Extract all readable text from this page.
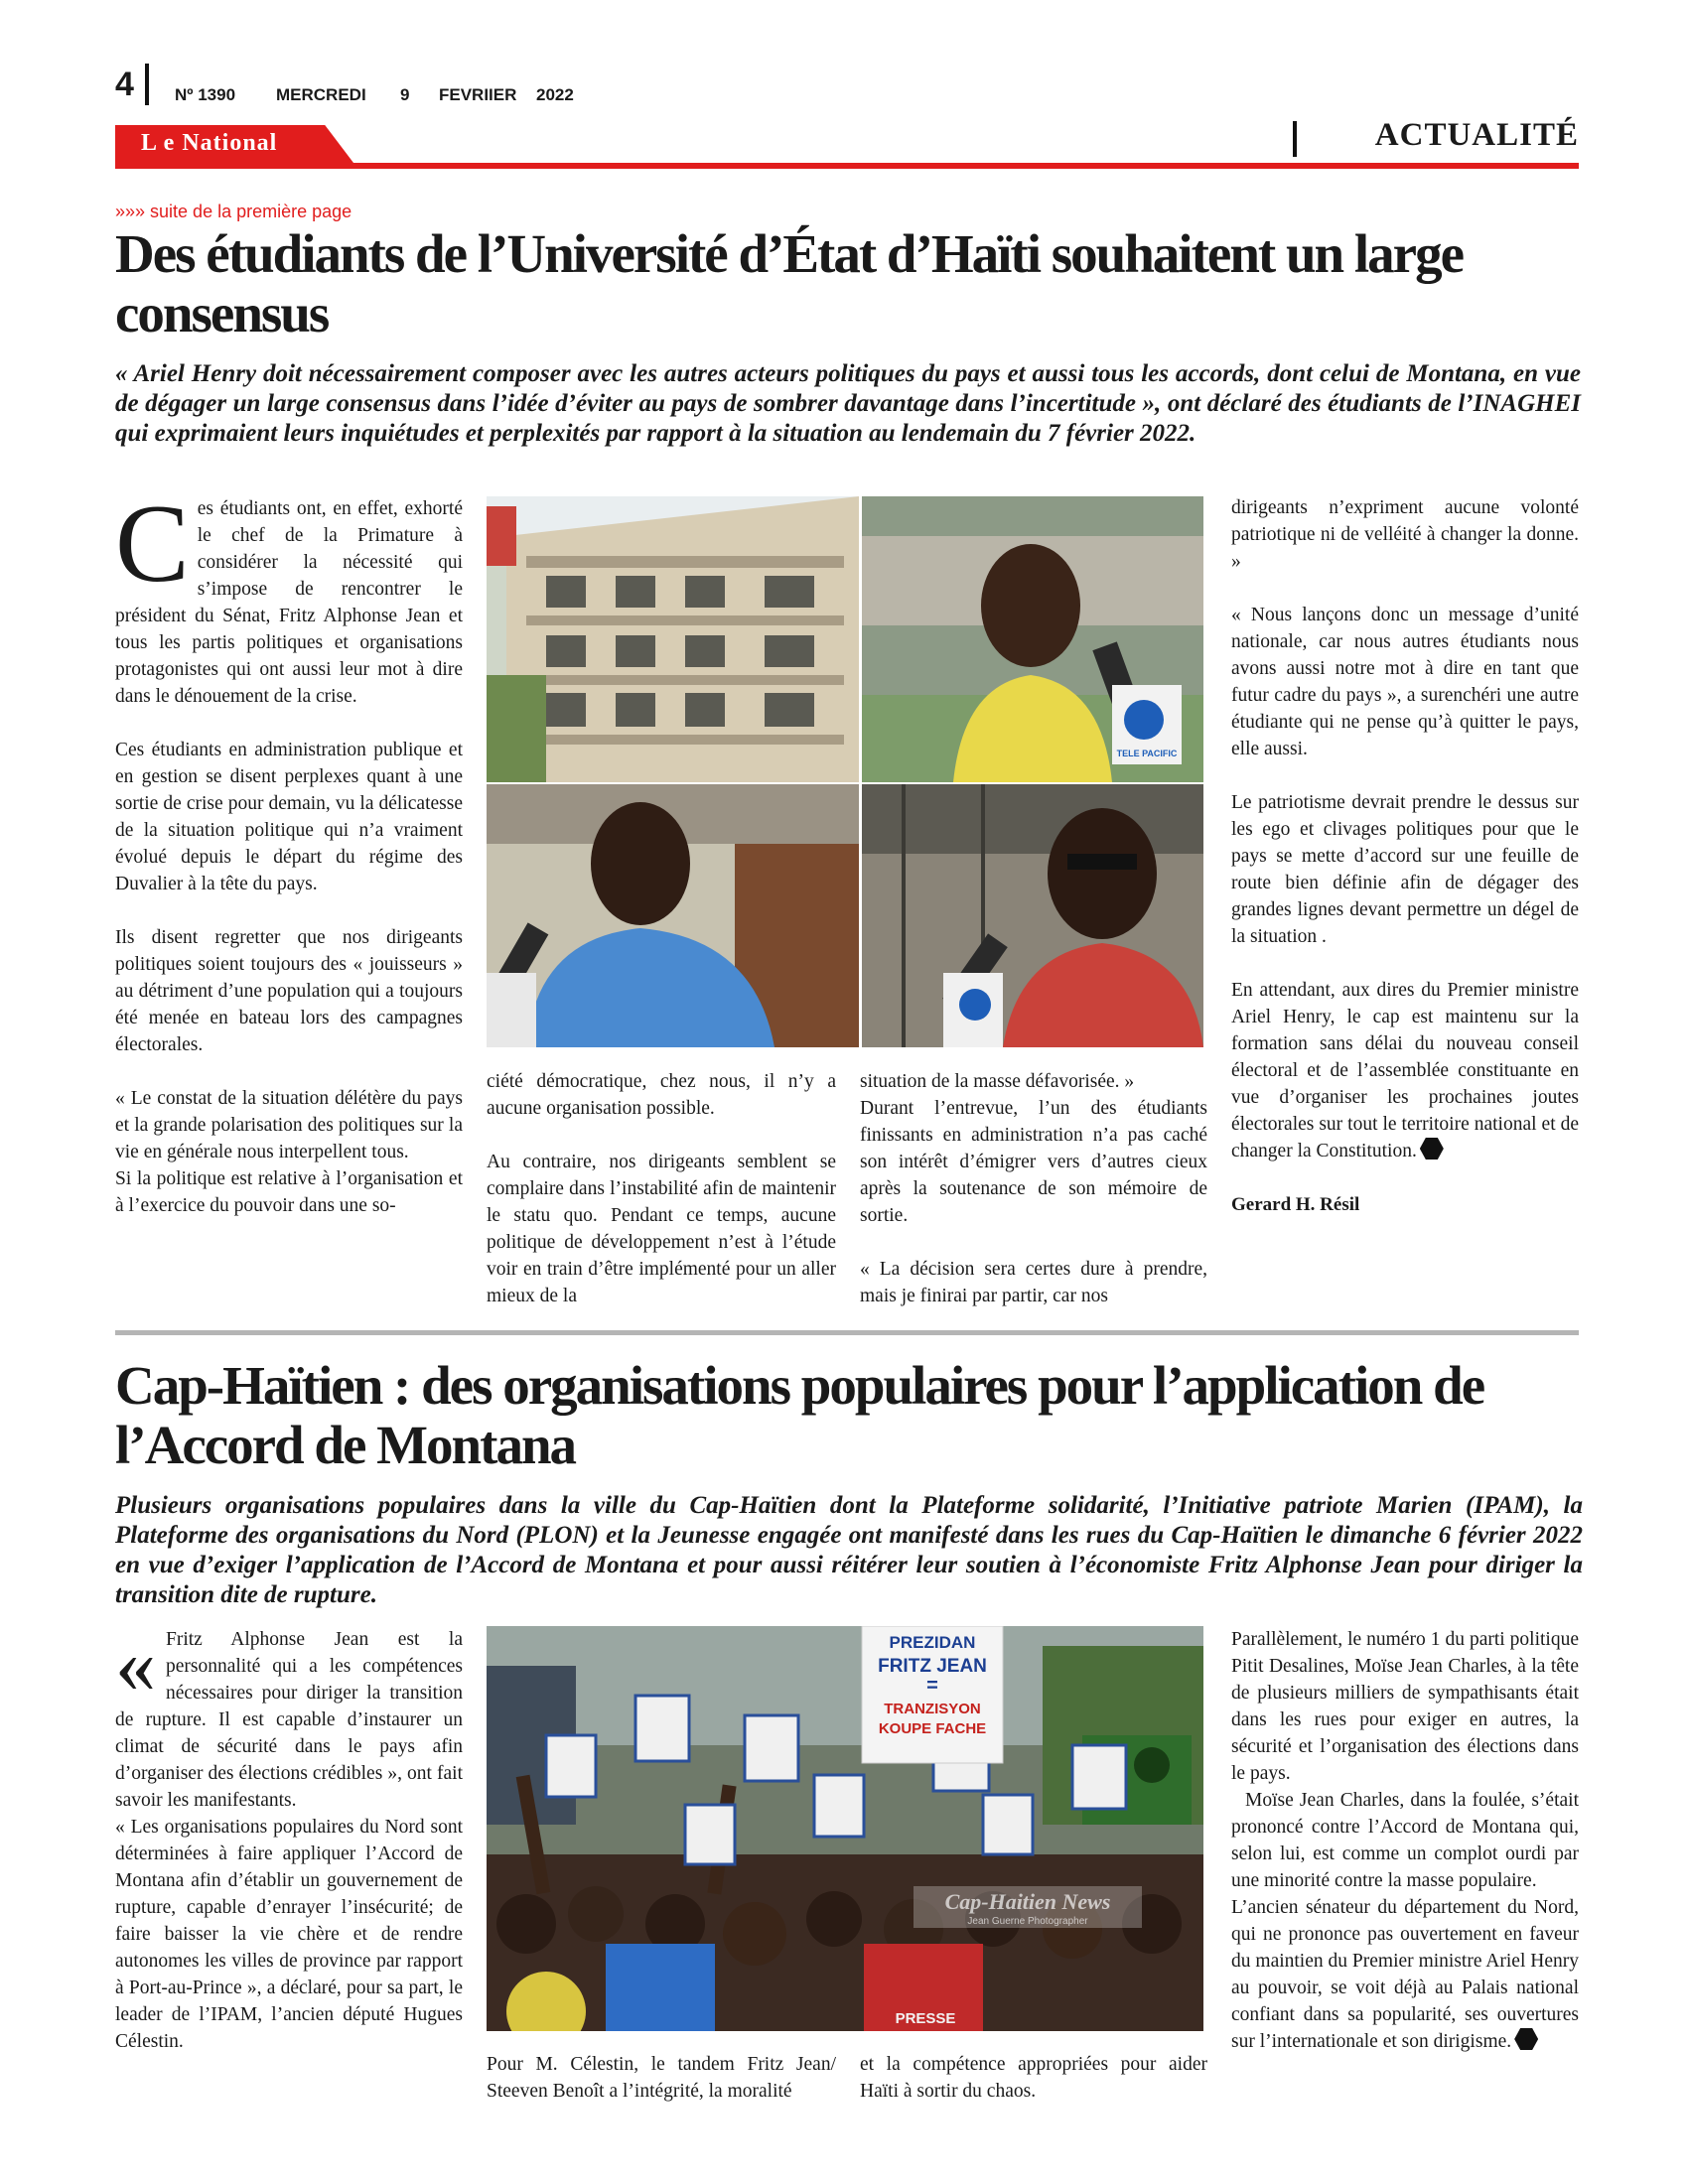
4 Nº 1390 MERCREDI 9 FEVRIIER 2022
L e National	ACTUALITÉ
»»» suite de la première page
Des étudiants de l’Université d’État d’Haïti souhaitent un large consensus
« Ariel Henry doit nécessairement composer avec les autres acteurs politiques du pays et aussi tous les accords, dont celui de Montana, en vue de dégager un large consensus dans l’idée d’éviter au pays de sombrer davantage dans l’incertitude », ont déclaré des étudiants de l’INAGHEI qui exprimaient leurs inquiétudes et perplexités par rapport à la situation au lendemain du 7 février 2022.

Ces étudiants ont, en effet, exhorté le chef de la Primature à considérer la nécessité qui s’impose de rencontrer le président du Sénat, Fritz Alphonse Jean et tous les partis politiques et organisations protagonistes qui ont aussi leur mot à dire dans le dénouement de la crise.

Ces étudiants en administration publique et en gestion se disent perplexes quant à une sortie de crise pour demain, vu la délicatesse de la situation politique qui n’a vraiment évolué depuis le départ du régime des Duvalier à la tête du pays.

Ils disent regretter que nos dirigeants politiques soient toujours des « jouisseurs » au détriment d’une population qui a toujours été menée en bateau lors des campagnes électorales.

« Le constat de la situation délétère du pays et la grande polarisation des politiques sur la vie en générale nous interpellent tous.

Si la politique est relative à l’organisation et à l’exercice du pouvoir dans une so-

TELE PACIFIC

ciété démocratique, chez nous, il n’y a aucune organisation possible.

Au contraire, nos dirigeants semblent se complaire dans l’instabilité afin de maintenir le statu quo. Pendant ce temps, aucune politique de développement n’est à l’étude voir en train d’être implémenté pour un aller mieux de la

situation de la masse défavorisée. »

Durant l’entrevue, l’un des étudiants finissants en administration n’a pas caché son intérêt d’émigrer vers d’autres cieux après la soutenance de son mémoire de sortie.

« La décision sera certes dure à prendre, mais je finirai par partir, car nos

dirigeants n’expriment aucune volonté patriotique ni de velléité à changer la donne. »

« Nous lançons donc un message d’unité nationale, car nous autres étudiants nous avons aussi notre mot à dire en tant que futur cadre du pays », a surenchéri une autre étudiante qui ne pense qu’à quitter le pays, elle aussi.

Le patriotisme devrait prendre le dessus sur les ego et clivages politiques pour que le pays se mette d’accord sur une feuille de route bien définie afin de dégager des grandes lignes devant permettre un dégel de la situation .

En attendant, aux dires du Premier ministre Ariel Henry, le cap est maintenu sur la formation sans délai du nouveau conseil électoral et de l’assemblée constituante en vue d’organiser les prochaines joutes électorales sur tout le territoire national et de changer la Constitution.

Gerard H. Résil
Cap-Haïtien : des organisations populaires pour l’application de l’Accord de Montana
Plusieurs organisations populaires dans la ville du Cap-Haïtien dont la Plateforme solidarité, l’Initiative patriote Marien (IPAM), la Plateforme des organisations du Nord (PLON) et la Jeunesse engagée ont manifesté dans les rues du Cap-Haïtien le dimanche 6 février 2022 en vue d’exiger l’application de l’Accord de Montana et pour aussi réitérer leur soutien à l’économiste Fritz Alphonse Jean pour diriger la transition dite de rupture.

« Fritz Alphonse Jean est la personnalité qui a les compétences nécessaires pour diriger la transition de rupture. Il est capable d’instaurer un climat de sécurité dans le pays afin d’organiser des élections crédibles », ont fait savoir les manifestants.

« Les organisations populaires du Nord sont déterminées à faire appliquer l’Accord de Montana afin d’établir un gouvernement de rupture, capable d’enrayer l’insécurité; de faire baisser la vie chère et de rendre autonomes les villes de province par rapport à Port-au-Prince », a déclaré, pour sa part, le leader de l’IPAM, l’ancien député Hugues Célestin.

PREZIDAN
FRITZ JEAN
=
TRANZISYON
KOUPE FACHE
PRESSE
Cap-Haitien News
Jean Guerne Photographer

Pour M. Célestin, le tandem Fritz Jean/ Steeven Benoît a l’intégrité, la moralité

et la compétence appropriées pour aider Haïti à sortir du chaos.

Parallèlement, le numéro 1 du parti politique Pitit Desalines, Moïse Jean Charles, à la tête de plusieurs milliers de sympathisants était dans les rues pour exiger en autres, la sécurité et l’organisation des élections dans le pays.

Moïse Jean Charles, dans la foulée, s’était prononcé contre l’Accord de Montana qui, selon lui, est comme un complot ourdi par une minorité contre la masse populaire.

L’ancien sénateur du département du Nord, qui ne prononce pas ouvertement en faveur du maintien du Premier ministre Ariel Henry au pouvoir, se voit déjà au Palais national confiant dans sa popularité, ses ouvertures sur l’internationale et son dirigisme.
